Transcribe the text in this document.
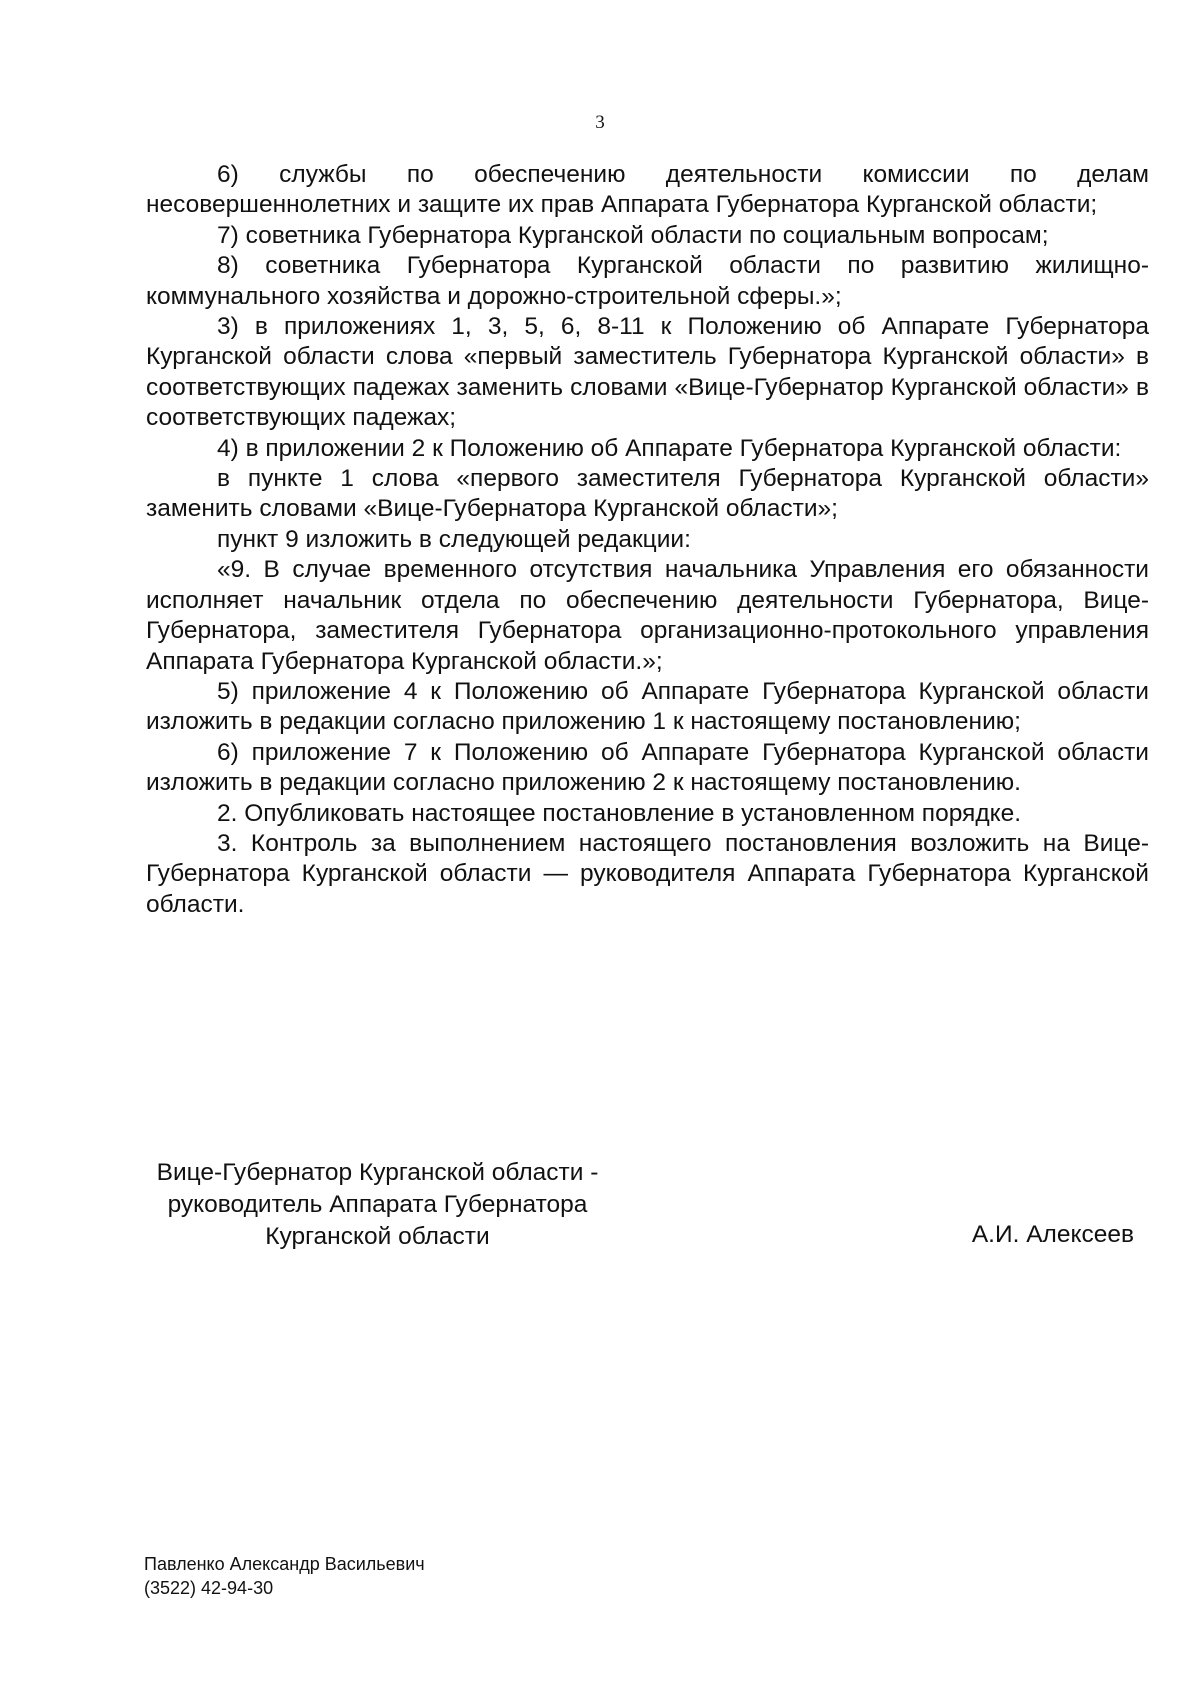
3

6) службы по обеспечению деятельности комиссии по делам несовершеннолетних и защите их прав Аппарата Губернатора Курганской области;

7) советника Губернатора Курганской области по социальным вопросам;

8) советника Губернатора Курганской области по развитию жилищно-коммунального хозяйства и дорожно-строительной сферы.»;

3) в приложениях 1, 3, 5, 6, 8-11 к Положению об Аппарате Губернатора Курганской области слова «первый заместитель Губернатора Курганской области» в соответствующих падежах заменить словами «Вице-Губернатор Курганской области» в соответствующих падежах;

4) в приложении 2 к Положению об Аппарате Губернатора Курганской области:

в пункте 1 слова «первого заместителя Губернатора Курганской области» заменить словами «Вице-Губернатора Курганской области»;

пункт 9 изложить в следующей редакции:

«9. В случае временного отсутствия начальника Управления его обязанности исполняет начальник отдела по обеспечению деятельности Губернатора, Вице-Губернатора, заместителя Губернатора организационно-протокольного управления Аппарата Губернатора Курганской области.»;

5) приложение 4 к Положению об Аппарате Губернатора Курганской области изложить в редакции согласно приложению 1 к настоящему постановлению;

6) приложение 7 к Положению об Аппарате Губернатора Курганской области изложить в редакции согласно приложению 2 к настоящему постановлению.

2. Опубликовать настоящее постановление в установленном порядке.

3. Контроль за выполнением настоящего постановления возложить на Вице-Губернатора Курганской области — руководителя Аппарата Губернатора Курганской области.

Вице-Губернатор Курганской области -
руководитель Аппарата Губернатора
Курганской области	А.И. Алексеев
Павленко Александр Васильевич
(3522) 42-94-30
